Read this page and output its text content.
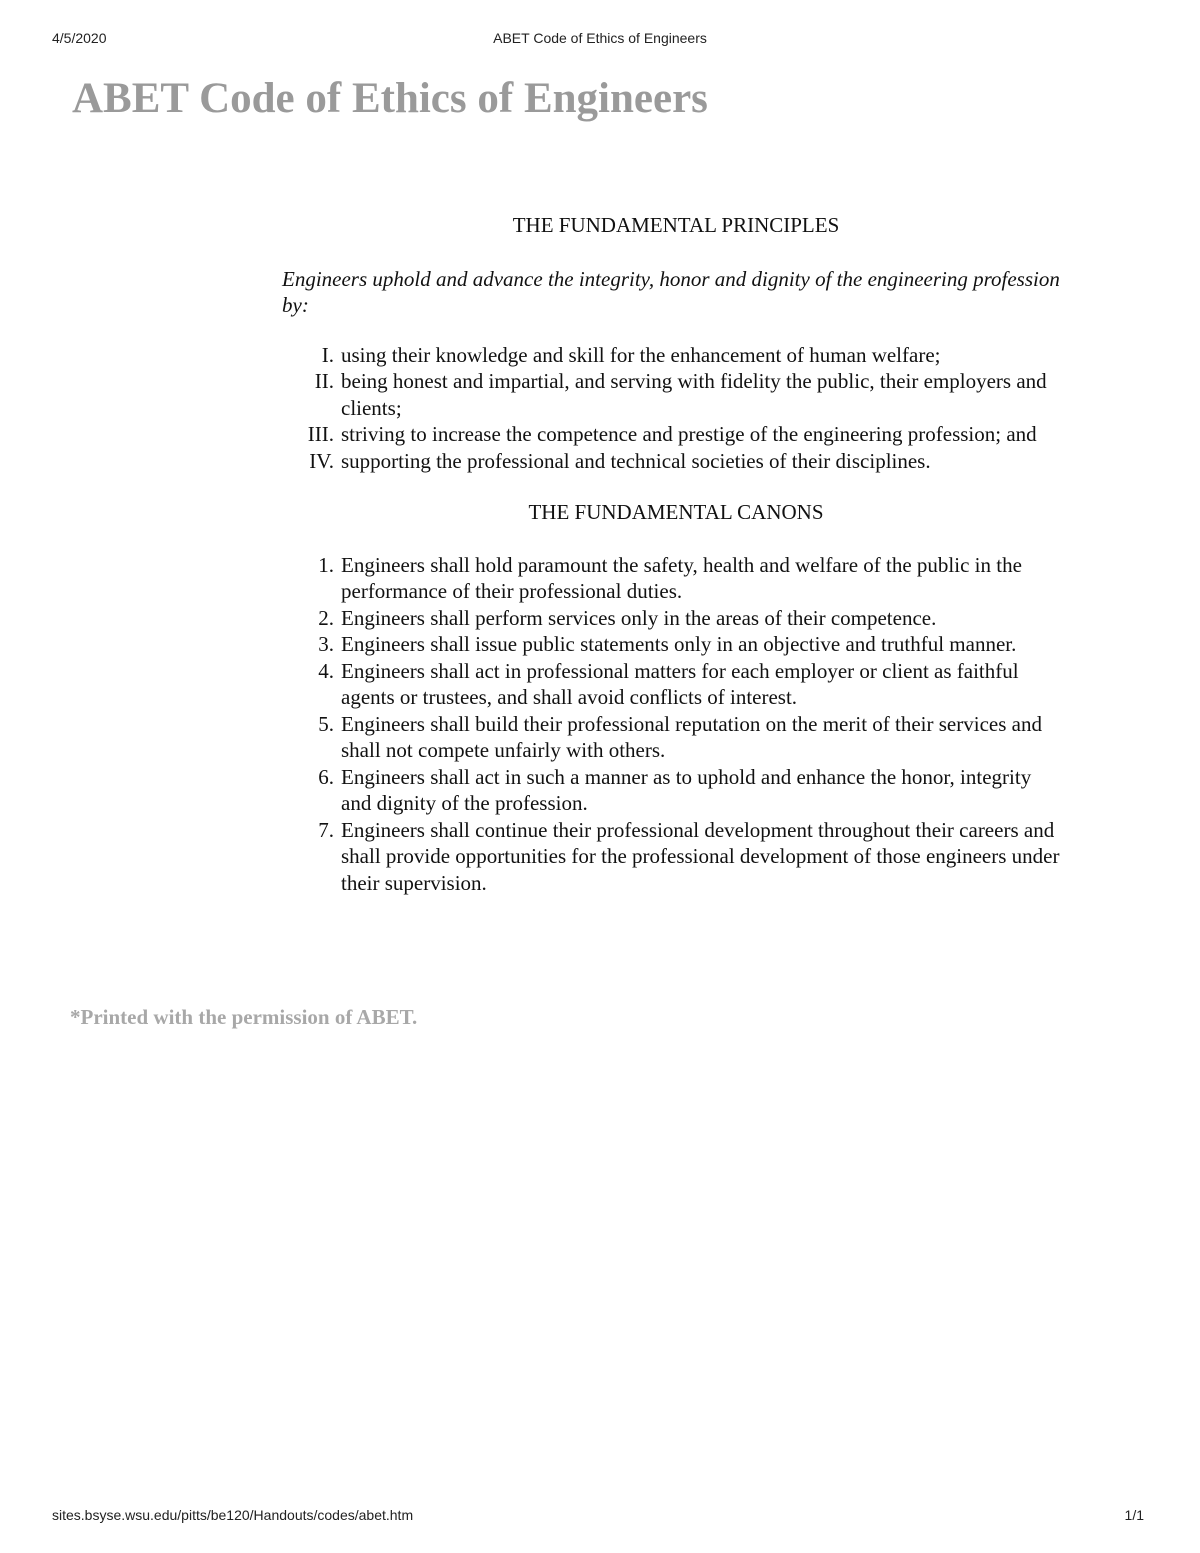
4/5/2020	ABET Code of Ethics of Engineers
ABET Code of Ethics of Engineers
THE FUNDAMENTAL PRINCIPLES

Engineers uphold and advance the integrity, honor and dignity of the engineering profession by:

I. using their knowledge and skill for the enhancement of human welfare;
II. being honest and impartial, and serving with fidelity the public, their employers and clients;
III. striving to increase the competence and prestige of the engineering profession; and
IV. supporting the professional and technical societies of their disciplines.
THE FUNDAMENTAL CANONS
1. Engineers shall hold paramount the safety, health and welfare of the public in the performance of their professional duties.
2. Engineers shall perform services only in the areas of their competence.
3. Engineers shall issue public statements only in an objective and truthful manner.
4. Engineers shall act in professional matters for each employer or client as faithful agents or trustees, and shall avoid conflicts of interest.
5. Engineers shall build their professional reputation on the merit of their services and shall not compete unfairly with others.
6. Engineers shall act in such a manner as to uphold and enhance the honor, integrity and dignity of the profession.
7. Engineers shall continue their professional development throughout their careers and shall provide opportunities for the professional development of those engineers under their supervision.

*Printed with the permission of ABET.

sites.bsyse.wsu.edu/pitts/be120/Handouts/codes/abet.htm	1/1
